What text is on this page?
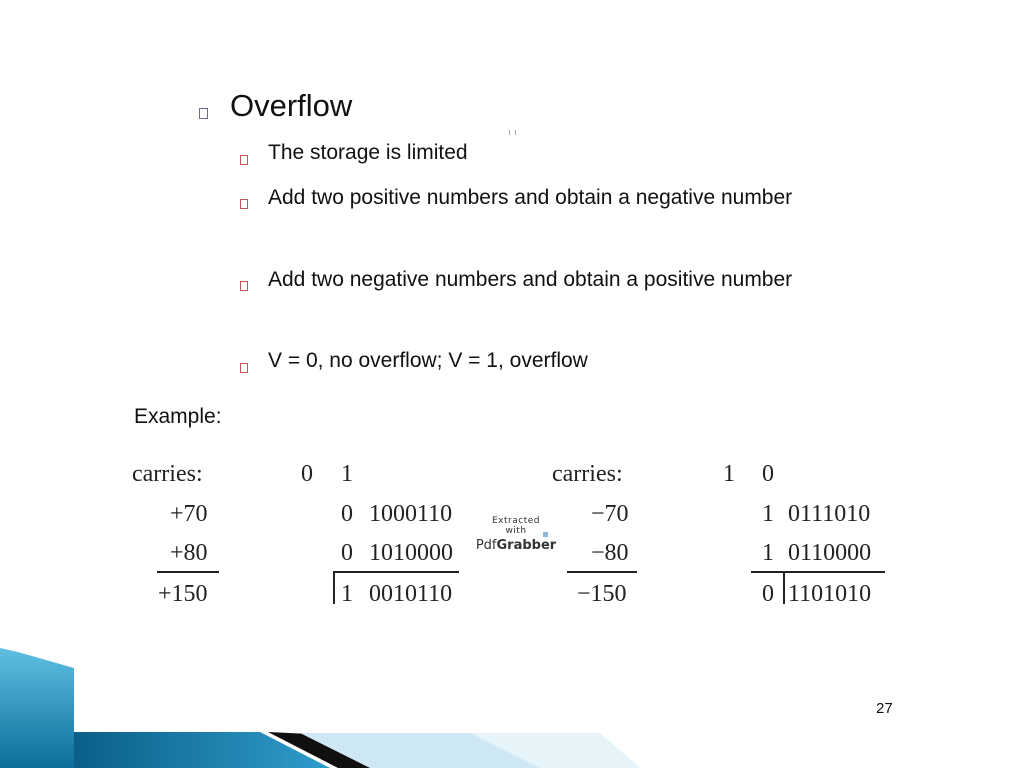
Overflow
The storage is limited
Add two positive numbers and obtain a negative number
Add two negative numbers and obtain a positive number
V = 0, no overflow; V = 1, overflow
Example:
carries:	0 1
+70	0 1000110
+80	0 1010000
+150	1 0010110
carries:	1 0
−70	1 0111010
−80	1 0110000
−150	0 1101010
Extracted
with
PdfGrabber
27
